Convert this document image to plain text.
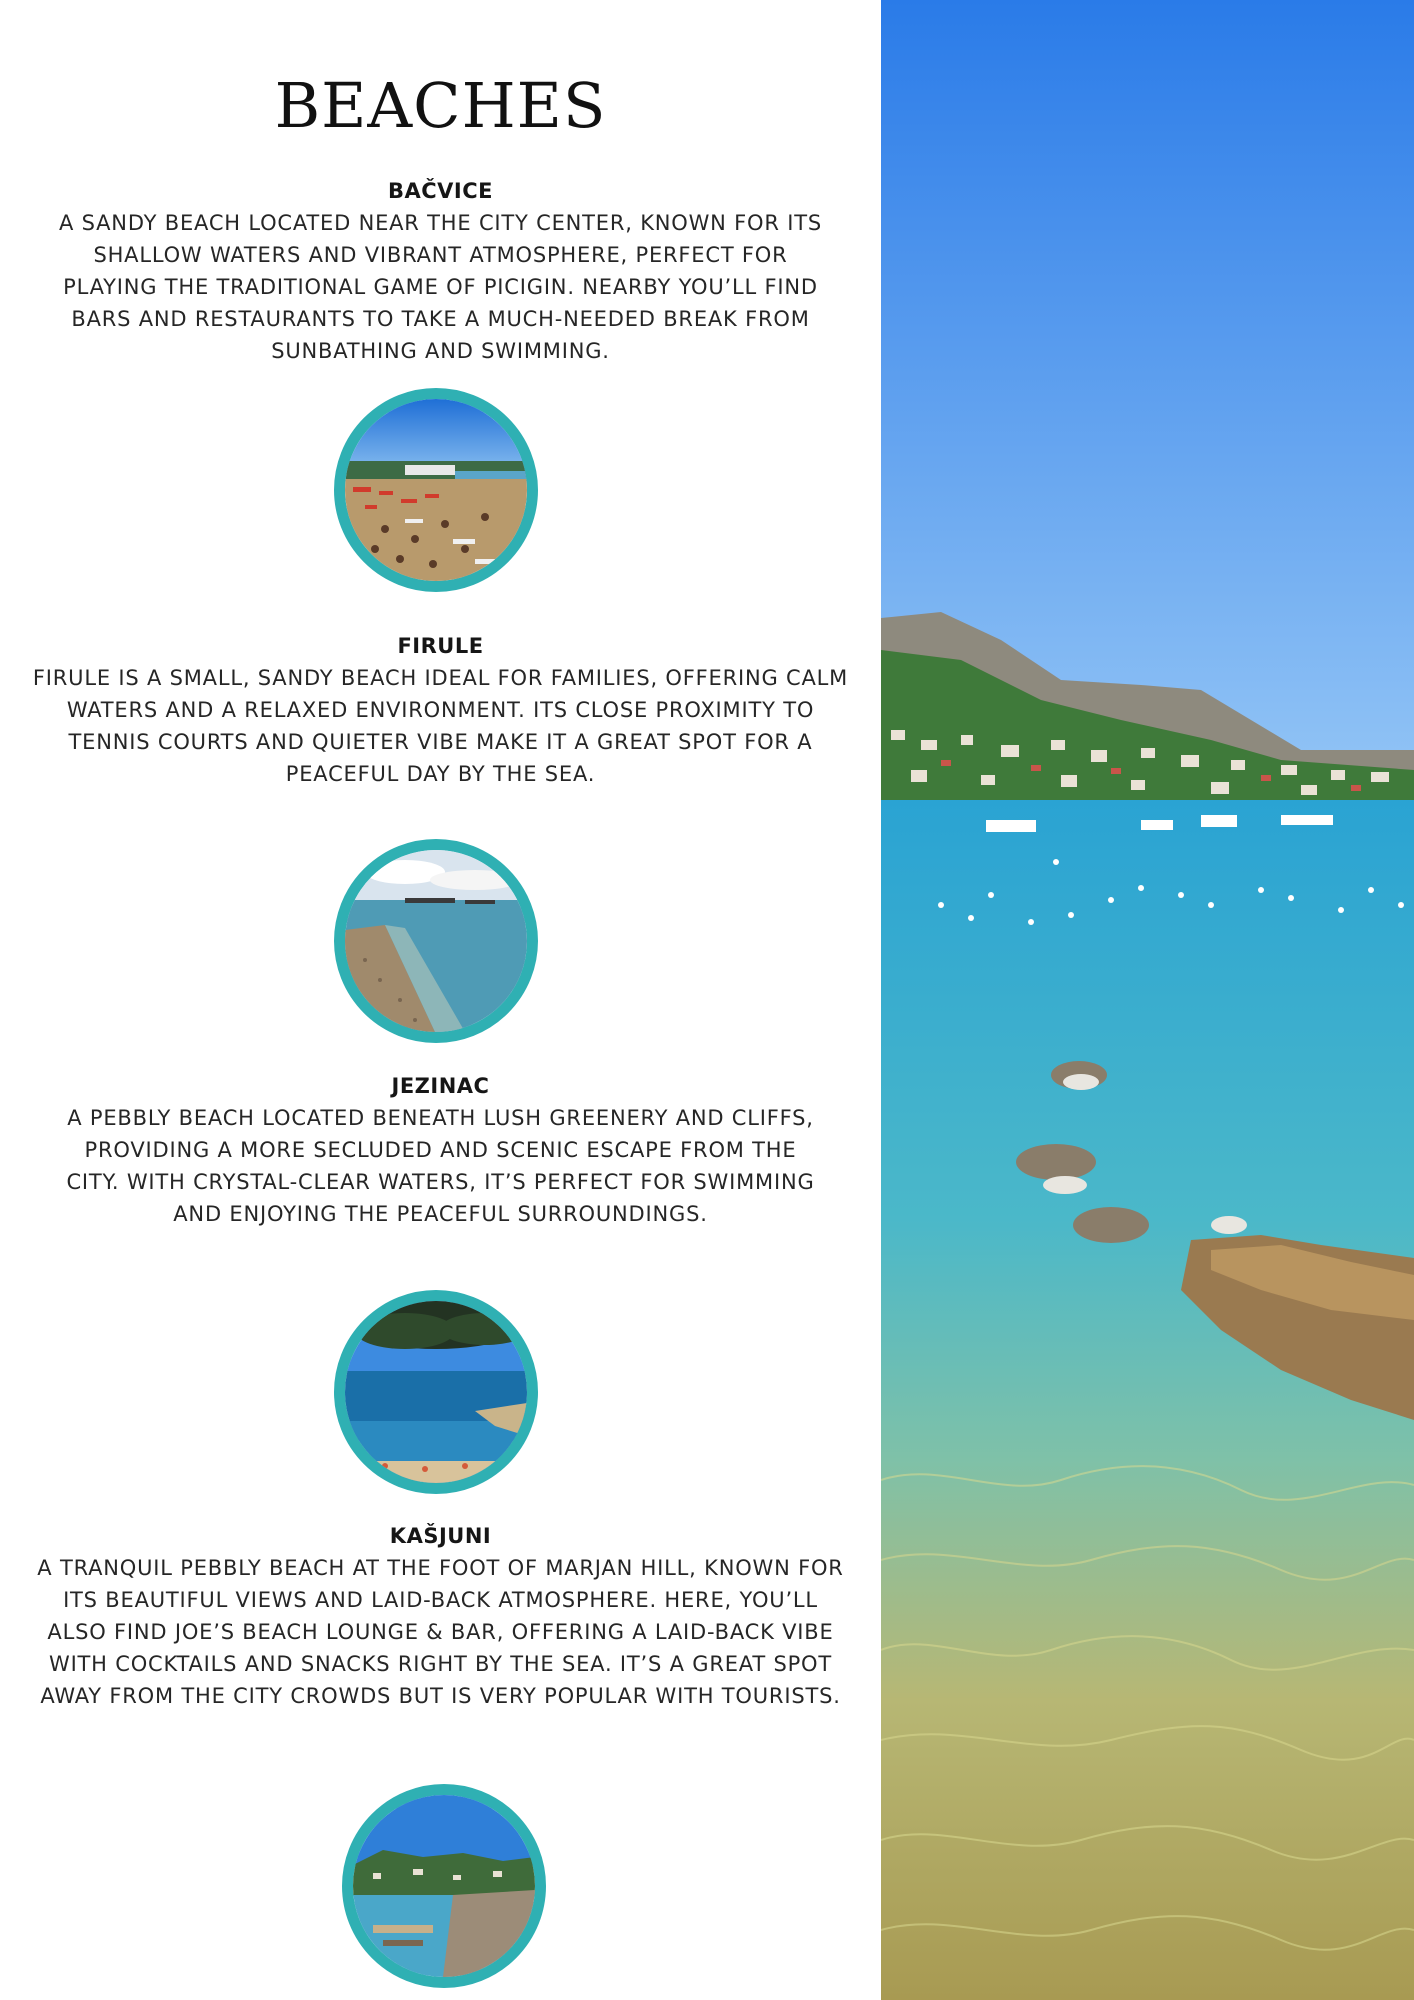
BEACHES
BAČVICE
A SANDY BEACH LOCATED NEAR THE CITY CENTER, KNOWN FOR ITS SHALLOW WATERS AND VIBRANT ATMOSPHERE, PERFECT FOR PLAYING THE TRADITIONAL GAME OF PICIGIN. NEARBY YOU’LL FIND BARS AND RESTAURANTS TO TAKE A MUCH-NEEDED BREAK FROM SUNBATHING AND SWIMMING.
FIRULE
FIRULE IS A SMALL, SANDY BEACH IDEAL FOR FAMILIES, OFFERING CALM WATERS AND A RELAXED ENVIRONMENT. ITS CLOSE PROXIMITY TO TENNIS COURTS AND QUIETER VIBE MAKE IT A GREAT SPOT FOR A PEACEFUL DAY BY THE SEA.
JEZINAC
A PEBBLY BEACH LOCATED BENEATH LUSH GREENERY AND CLIFFS, PROVIDING A MORE SECLUDED AND SCENIC ESCAPE FROM THE CITY. WITH CRYSTAL-CLEAR WATERS, IT’S PERFECT FOR SWIMMING AND ENJOYING THE PEACEFUL SURROUNDINGS.
KAŠJUNI
A TRANQUIL PEBBLY BEACH AT THE FOOT OF MARJAN HILL, KNOWN FOR ITS BEAUTIFUL VIEWS AND LAID-BACK ATMOSPHERE. HERE, YOU’LL ALSO FIND JOE’S BEACH LOUNGE & BAR, OFFERING A LAID-BACK VIBE WITH COCKTAILS AND SNACKS RIGHT BY THE SEA. IT’S A GREAT SPOT AWAY FROM THE CITY CROWDS BUT IS VERY POPULAR WITH TOURISTS.
